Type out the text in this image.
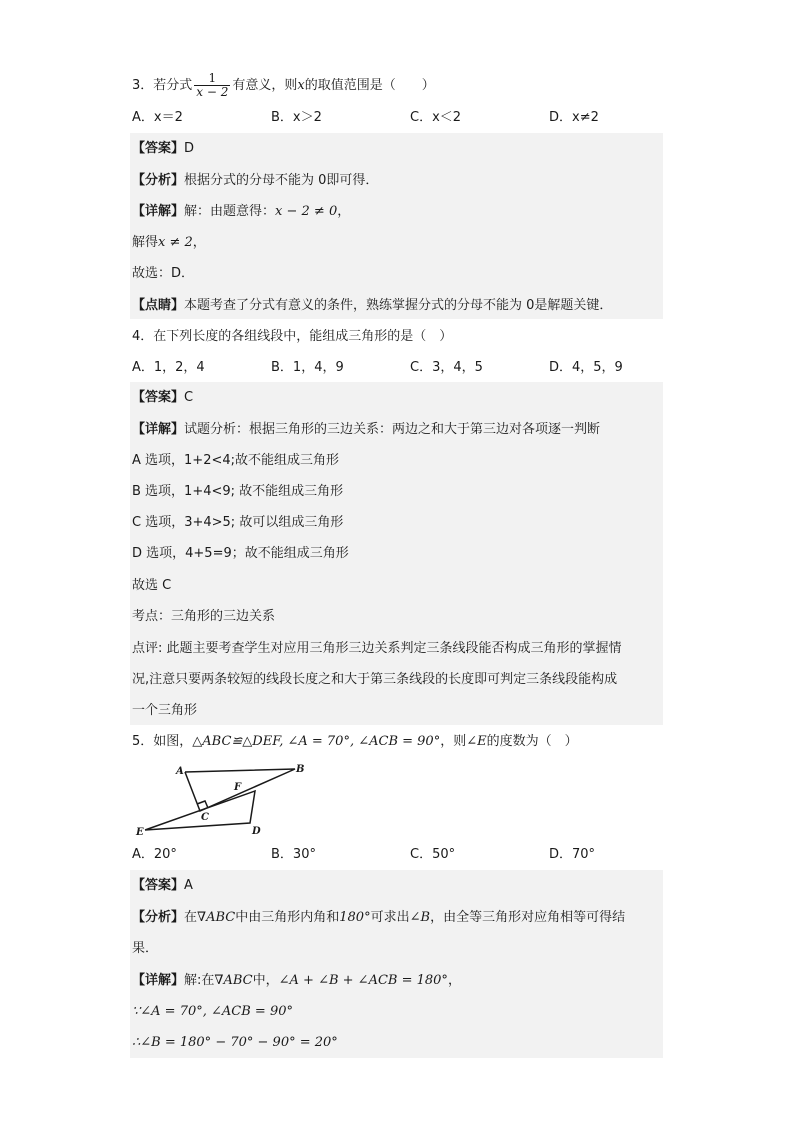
3．若分式 $\frac{1}{x - 2}$ 有意义，则x的取值范围是（　　）
A．x＝2	B．x＞2	C．x＜2	D．x≠2
【答案】D
【分析】根据分式的分母不能为 0即可得．
【详解】解：由题意得：x − 2 ≠ 0，
解得x ≠ 2，
故选：D．
【点睛】本题考查了分式有意义的条件，熟练掌握分式的分母不能为 0是解题关键．
4．在下列长度的各组线段中，能组成三角形的是（　）
A．1，2，4	B．1，4，9	C．3，4，5	D．4，5，9
【答案】C
【详解】试题分析：根据三角形的三边关系：两边之和大于第三边对各项逐一判断
A 选项，1+2<4;故不能组成三角形
B 选项，1+4<9; 故不能组成三角形
C 选项，3+4>5; 故可以组成三角形
D 选项，4+5=9；故不能组成三角形
故选 C
考点：三角形的三边关系
点评: 此题主要考查学生对应用三角形三边关系判定三条线段能否构成三角形的掌握情
况,注意只要两条较短的线段长度之和大于第三条线段的长度即可判定三条线段能构成
一个三角形
5．如图，△ABC≌△DEF, ∠A = 70°, ∠ACB = 90°，则∠E的度数为（　）
A	B
C
D
E
F
A．20°	B．30°	C．50°	D．70°
【答案】A
【分析】在∇ABC中由三角形内角和180°可求出∠B，由全等三角形对应角相等可得结
果．
【详解】解:在∇ABC中，∠A + ∠B + ∠ACB = 180°，
∵∠A = 70°, ∠ACB = 90°
∴∠B = 180° − 70° − 90° = 20°
